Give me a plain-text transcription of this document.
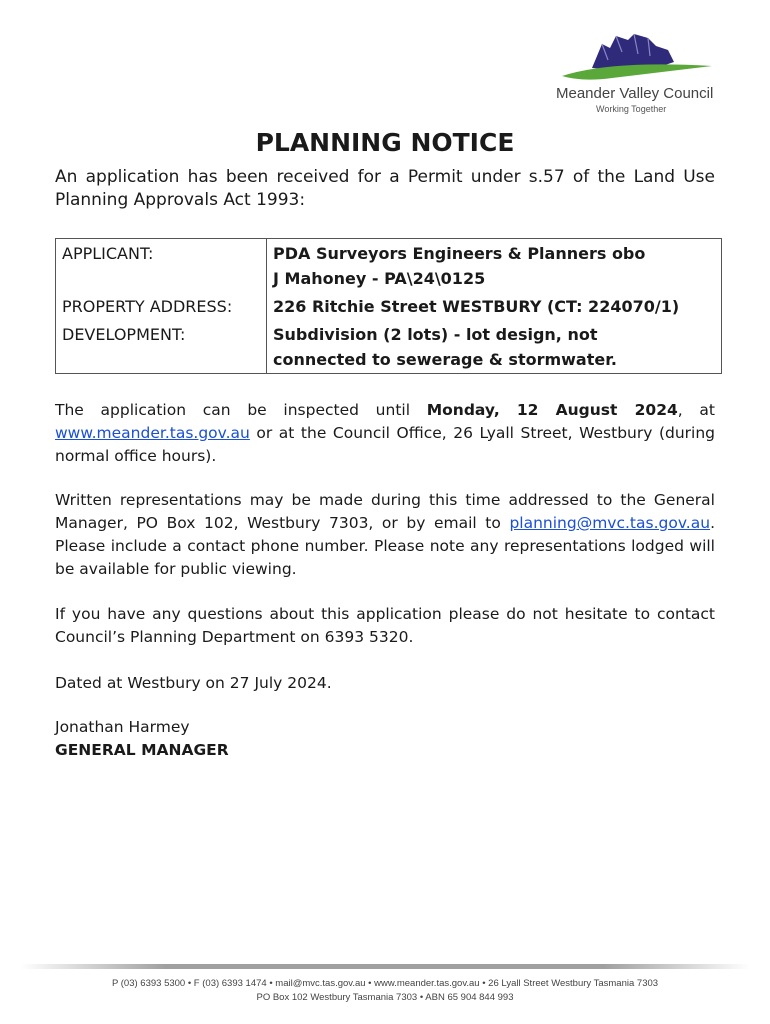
Meander Valley Council
Working Together
PLANNING NOTICE
An application has been received for a Permit under s.57 of the Land Use Planning Approvals Act 1993:
APPLICANT:	PDA Surveyors Engineers & Planners obo
J Mahoney - PA\24\0125

PROPERTY ADDRESS:	226 Ritchie Street WESTBURY (CT: 224070/1)
DEVELOPMENT:	Subdivision (2 lots) - lot design, not
connected to sewerage & stormwater.
The application can be inspected until Monday, 12 August 2024, at www.meander.tas.gov.au or at the Council Office, 26 Lyall Street, Westbury (during normal office hours).
Written representations may be made during this time addressed to the General Manager, PO Box 102, Westbury 7303, or by email to planning@mvc.tas.gov.au. Please include a contact phone number. Please note any representations lodged will be available for public viewing.
If you have any questions about this application please do not hesitate to contact Council’s Planning Department on 6393 5320.
Dated at Westbury on 27 July 2024.
Jonathan Harmey
GENERAL MANAGER
P (03) 6393 5300 • F (03) 6393 1474 • mail@mvc.tas.gov.au • www.meander.tas.gov.au • 26 Lyall Street Westbury Tasmania 7303
PO Box 102 Westbury Tasmania 7303 • ABN 65 904 844 993
